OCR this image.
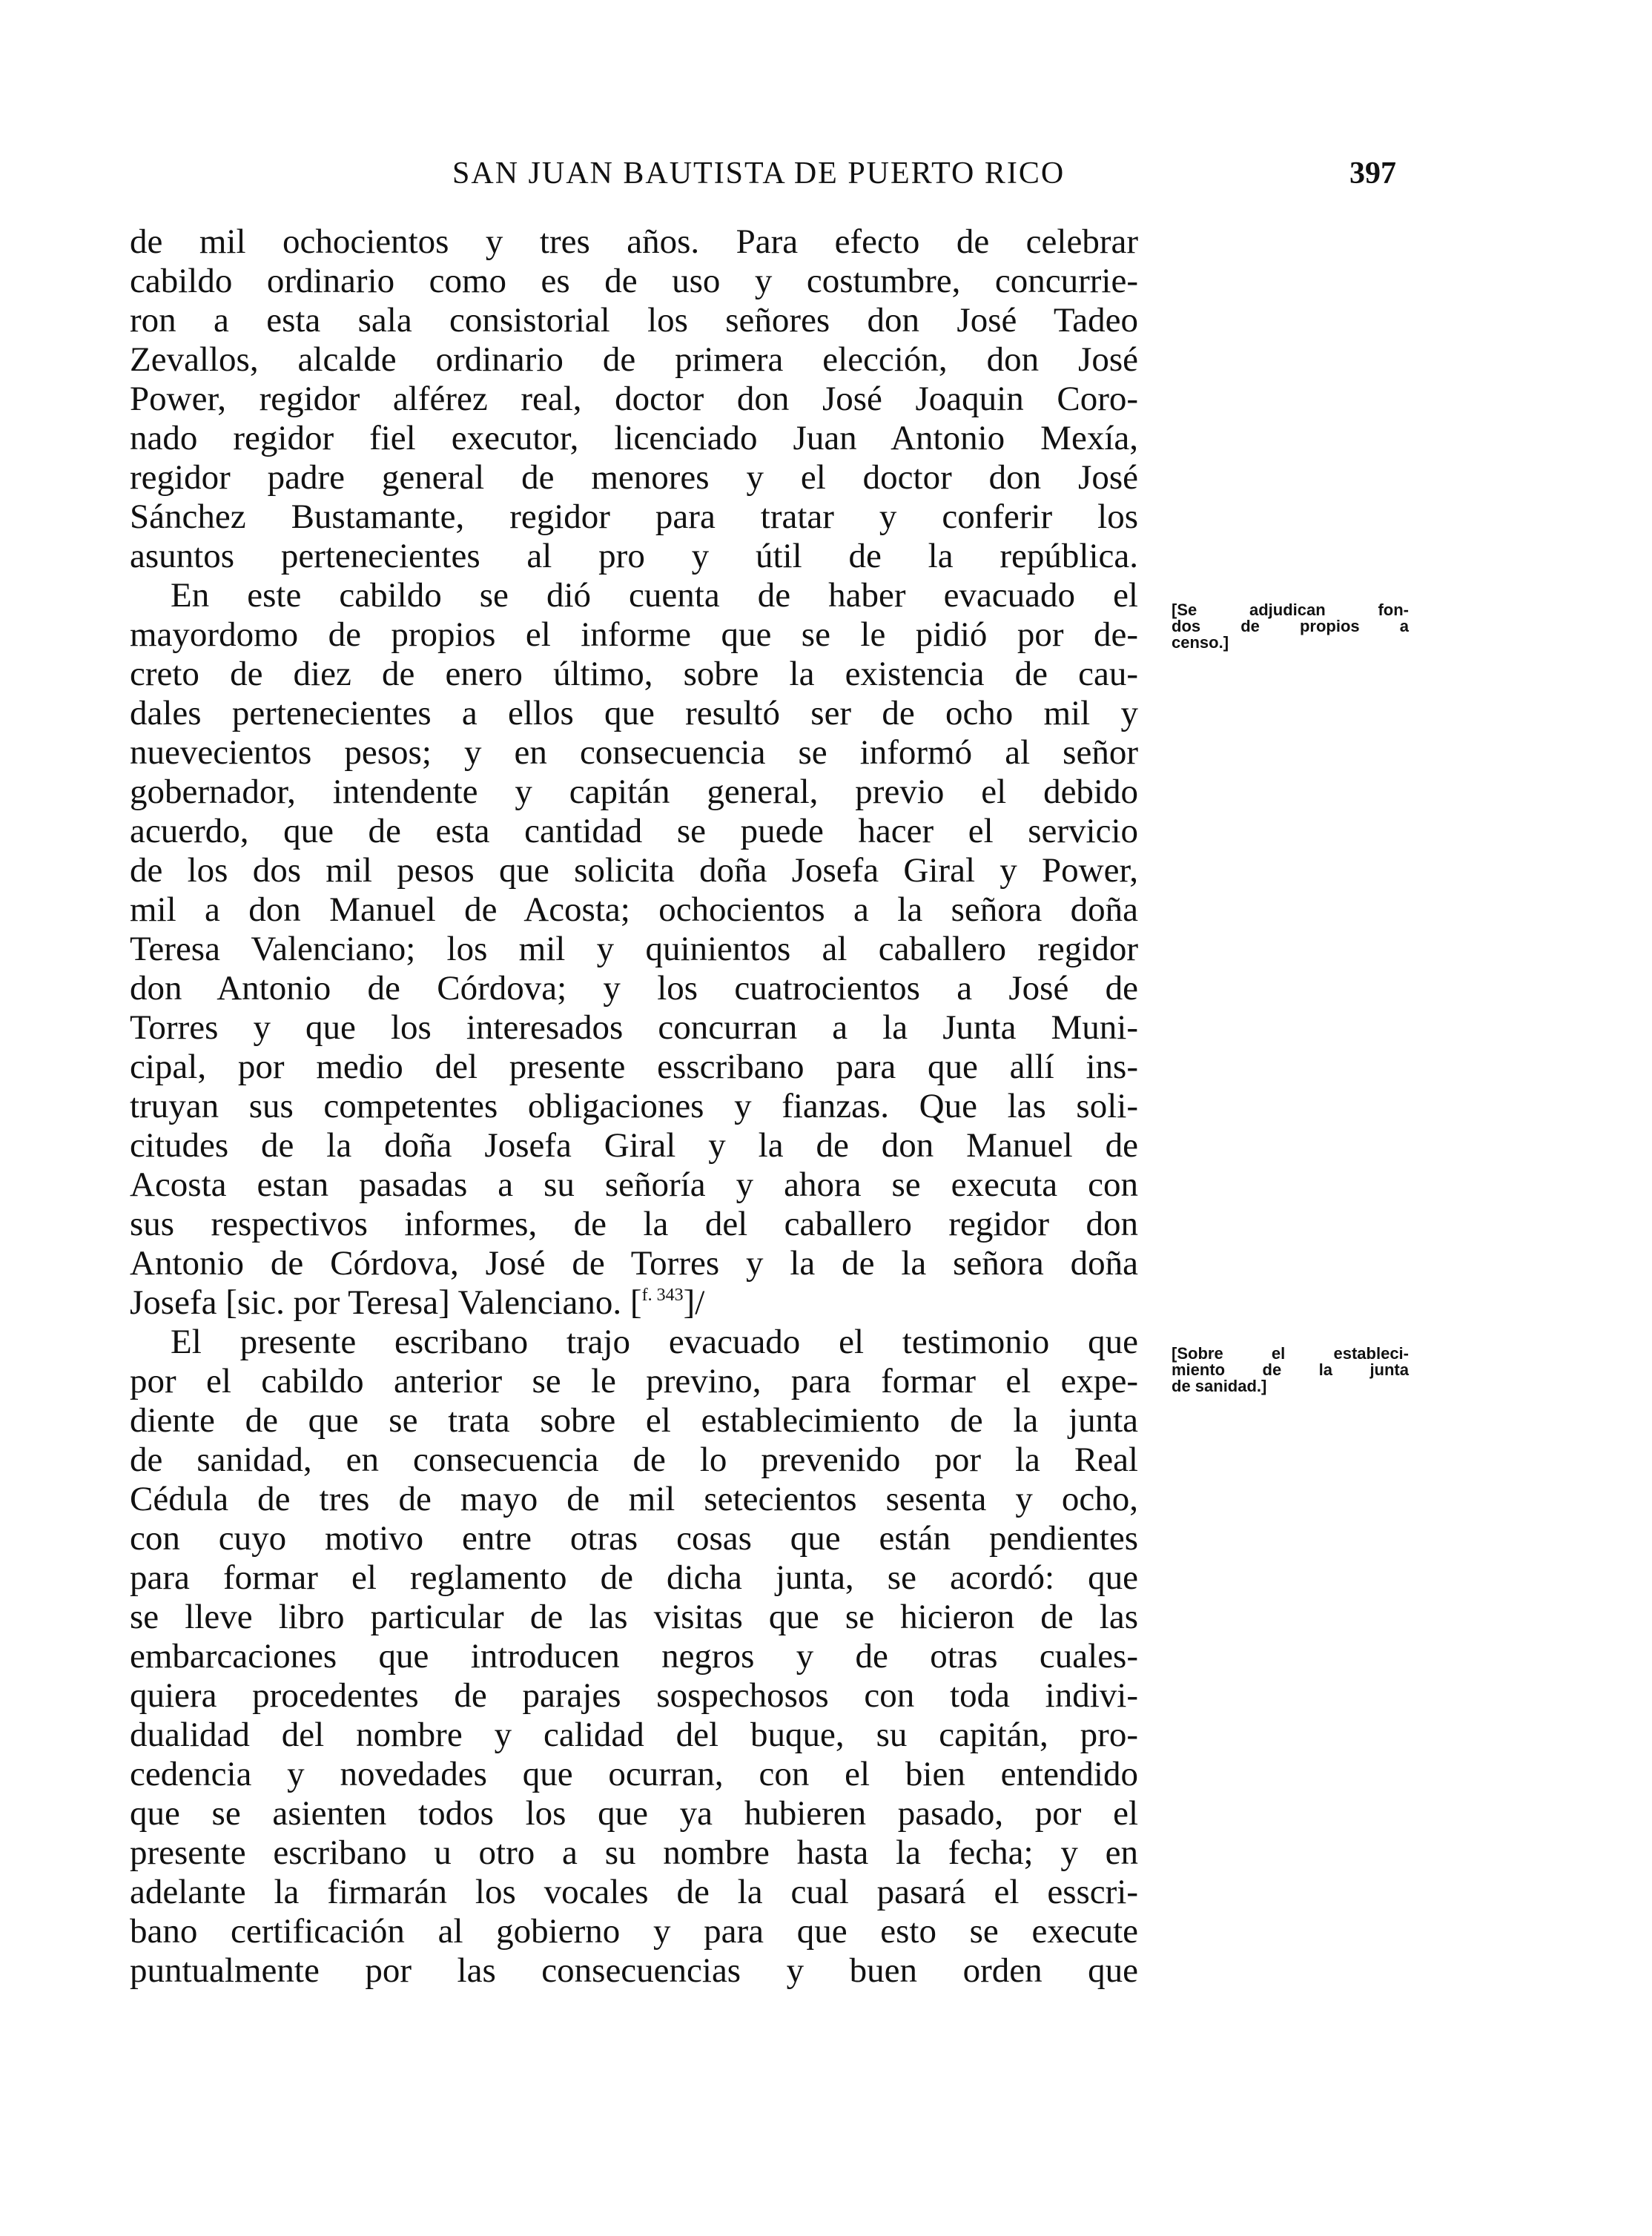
SAN JUAN BAUTISTA DE PUERTO RICO	397
de mil ochocientos y tres años. Para efecto de celebrar
cabildo ordinario como es de uso y costumbre, concurrie-
ron a esta sala consistorial los señores don José Tadeo
Zevallos, alcalde ordinario de primera elección, don José
Power, regidor alférez real, doctor don José Joaquin Coro-
nado regidor fiel executor, licenciado Juan Antonio Mexía,
regidor padre general de menores y el doctor don José
Sánchez Bustamante, regidor para tratar y conferir los
asuntos pertenecientes al pro y útil de la república.
En este cabildo se dió cuenta de haber evacuado el
mayordomo de propios el informe que se le pidió por de-
creto de diez de enero último, sobre la existencia de cau-
dales pertenecientes a ellos que resultó ser de ocho mil y
nuevecientos pesos; y en consecuencia se informó al señor
gobernador, intendente y capitán general, previo el debido
acuerdo, que de esta cantidad se puede hacer el servicio
de los dos mil pesos que solicita doña Josefa Giral y Power,
mil a don Manuel de Acosta; ochocientos a la señora doña
Teresa Valenciano; los mil y quinientos al caballero regidor
don Antonio de Córdova; y los cuatrocientos a José de
Torres y que los interesados concurran a la Junta Muni-
cipal, por medio del presente esscribano para que allí ins-
truyan sus competentes obligaciones y fianzas. Que las soli-
citudes de la doña Josefa Giral y la de don Manuel de
Acosta estan pasadas a su señoría y ahora se executa con
sus respectivos informes, de la del caballero regidor don
Antonio de Córdova, José de Torres y la de la señora doña
Josefa [sic. por Teresa] Valenciano. [$^{f. 343}$]/
El presente escribano trajo evacuado el testimonio que
por el cabildo anterior se le previno, para formar el expe-
diente de que se trata sobre el establecimiento de la junta
de sanidad, en consecuencia de lo prevenido por la Real
Cédula de tres de mayo de mil setecientos sesenta y ocho,
con cuyo motivo entre otras cosas que están pendientes
para formar el reglamento de dicha junta, se acordó: que
se lleve libro particular de las visitas que se hicieron de las
embarcaciones que introducen negros y de otras cuales-
quiera procedentes de parajes sospechosos con toda indivi-
dualidad del nombre y calidad del buque, su capitán, pro-
cedencia y novedades que ocurran, con el bien entendido
que se asienten todos los que ya hubieren pasado, por el
presente escribano u otro a su nombre hasta la fecha; y en
adelante la firmarán los vocales de la cual pasará el esscri-
bano certificación al gobierno y para que esto se execute
puntualmente por las consecuencias y buen orden que
[Se adjudican fon-
dos de propios a
censo.]
[Sobre el estableci-
miento de la junta
de sanidad.]
